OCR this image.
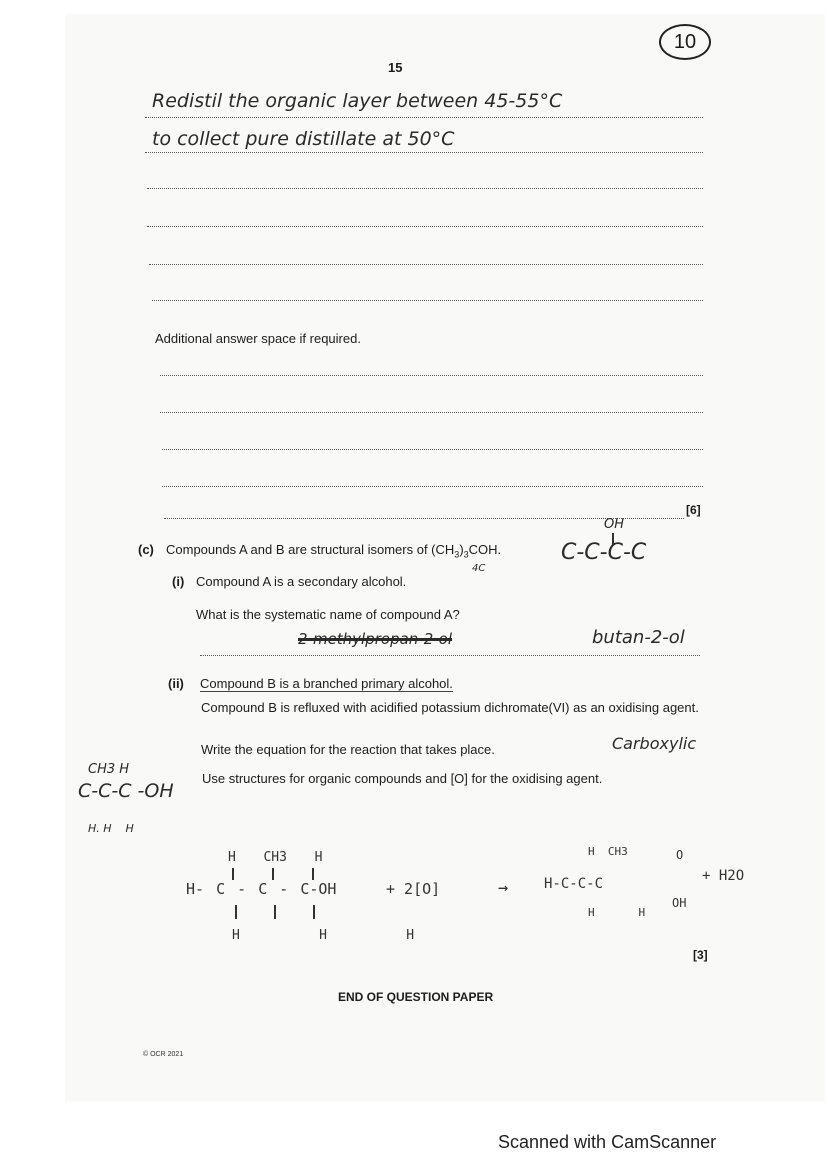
10
15
Redistil the organic layer between 45-55°C
to collect pure distillate at 50°C
Additional answer space if required.
[6]
(c) Compounds A and B are structural isomers of $(CH_3)_3COH$.
4C
OH
C-C-C-C
(i) Compound A is a secondary alcohol.
What is the systematic name of compound A?
2-methylpropan-2-ol	butan-2-ol
(ii) Compound B is a branched primary alcohol.
Compound B is refluxed with acidified potassium dichromate(VI) as an oxidising agent.
Write the equation for the reaction that takes place.	Carboxylic
Use structures for organic compounds and [O] for the oxidising agent.
CH3 H
C-C-C -OH
H. H    H
H  CH3  H
H- C - C - C-OH
H    H    H
+ 2[O]	→
H  CH3
H-C-C-C
O
OH
H   H
+ H2O
[3]
END OF QUESTION PAPER
© OCR 2021
Scanned with CamScanner
